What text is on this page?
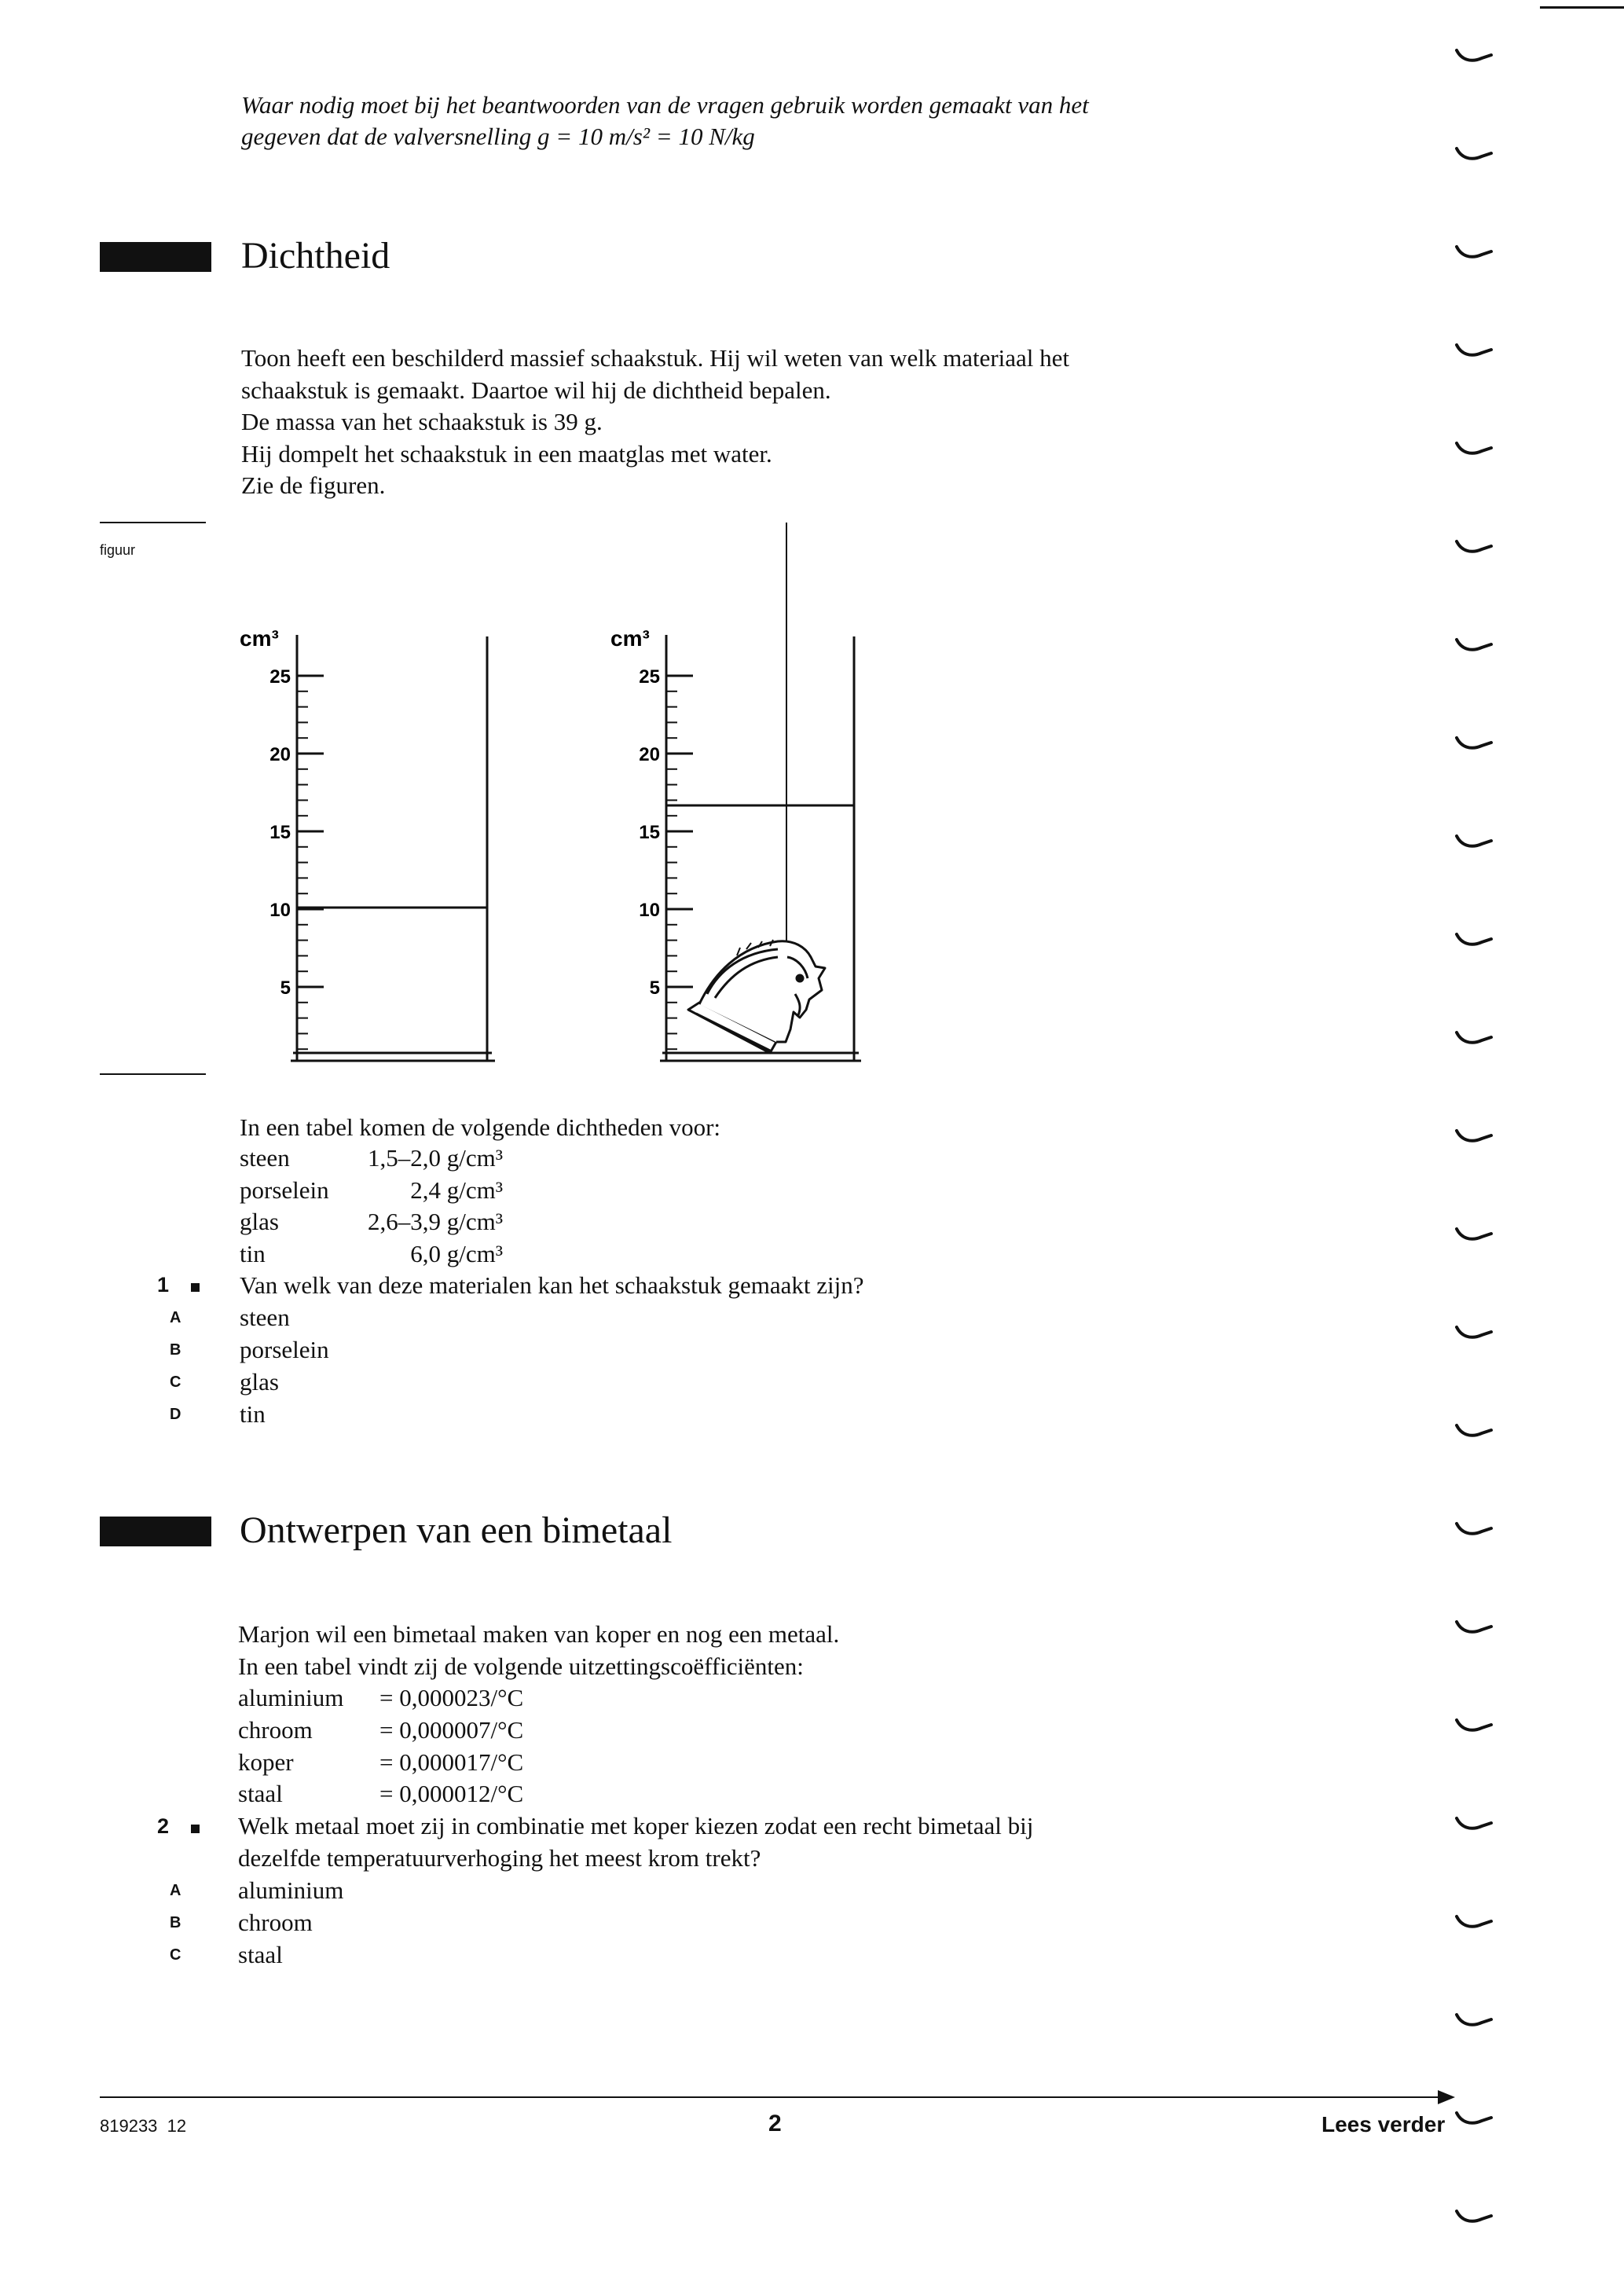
Waar nodig moet bij het beantwoorden van de vragen gebruik worden gemaakt van het
gegeven dat de valversnelling g = 10 m/s² = 10 N/kg
Dichtheid
Toon heeft een beschilderd massief schaakstuk. Hij wil weten van welk materiaal het
schaakstuk is gemaakt. Daartoe wil hij de dichtheid bepalen.
De massa van het schaakstuk is 39 g.
Hij dompelt het schaakstuk in een maatglas met water.
Zie de figuren.
figuur
cm³
25
20
15
10
5
cm³
25
20
15
10
5
In een tabel komen de volgende dichtheden voor:
steen	1,5–2,0 g/cm³
porselein	2,4 g/cm³
glas	2,6–3,9 g/cm³
tin	6,0 g/cm³
1	Van welk van deze materialen kan het schaakstuk gemaakt zijn?
A steen
B porselein
C glas
D tin
Ontwerpen van een bimetaal
Marjon wil een bimetaal maken van koper en nog een metaal.
In een tabel vindt zij de volgende uitzettingscoëfficiënten:
aluminium = 0,000023/°C
chroom	= 0,000007/°C
koper	= 0,000017/°C
staal	= 0,000012/°C
2	Welk metaal moet zij in combinatie met koper kiezen zodat een recht bimetaal bij
dezelfde temperatuurverhoging het meest krom trekt?
A aluminium
B chroom
C staal
819233  12	2	Lees verder
